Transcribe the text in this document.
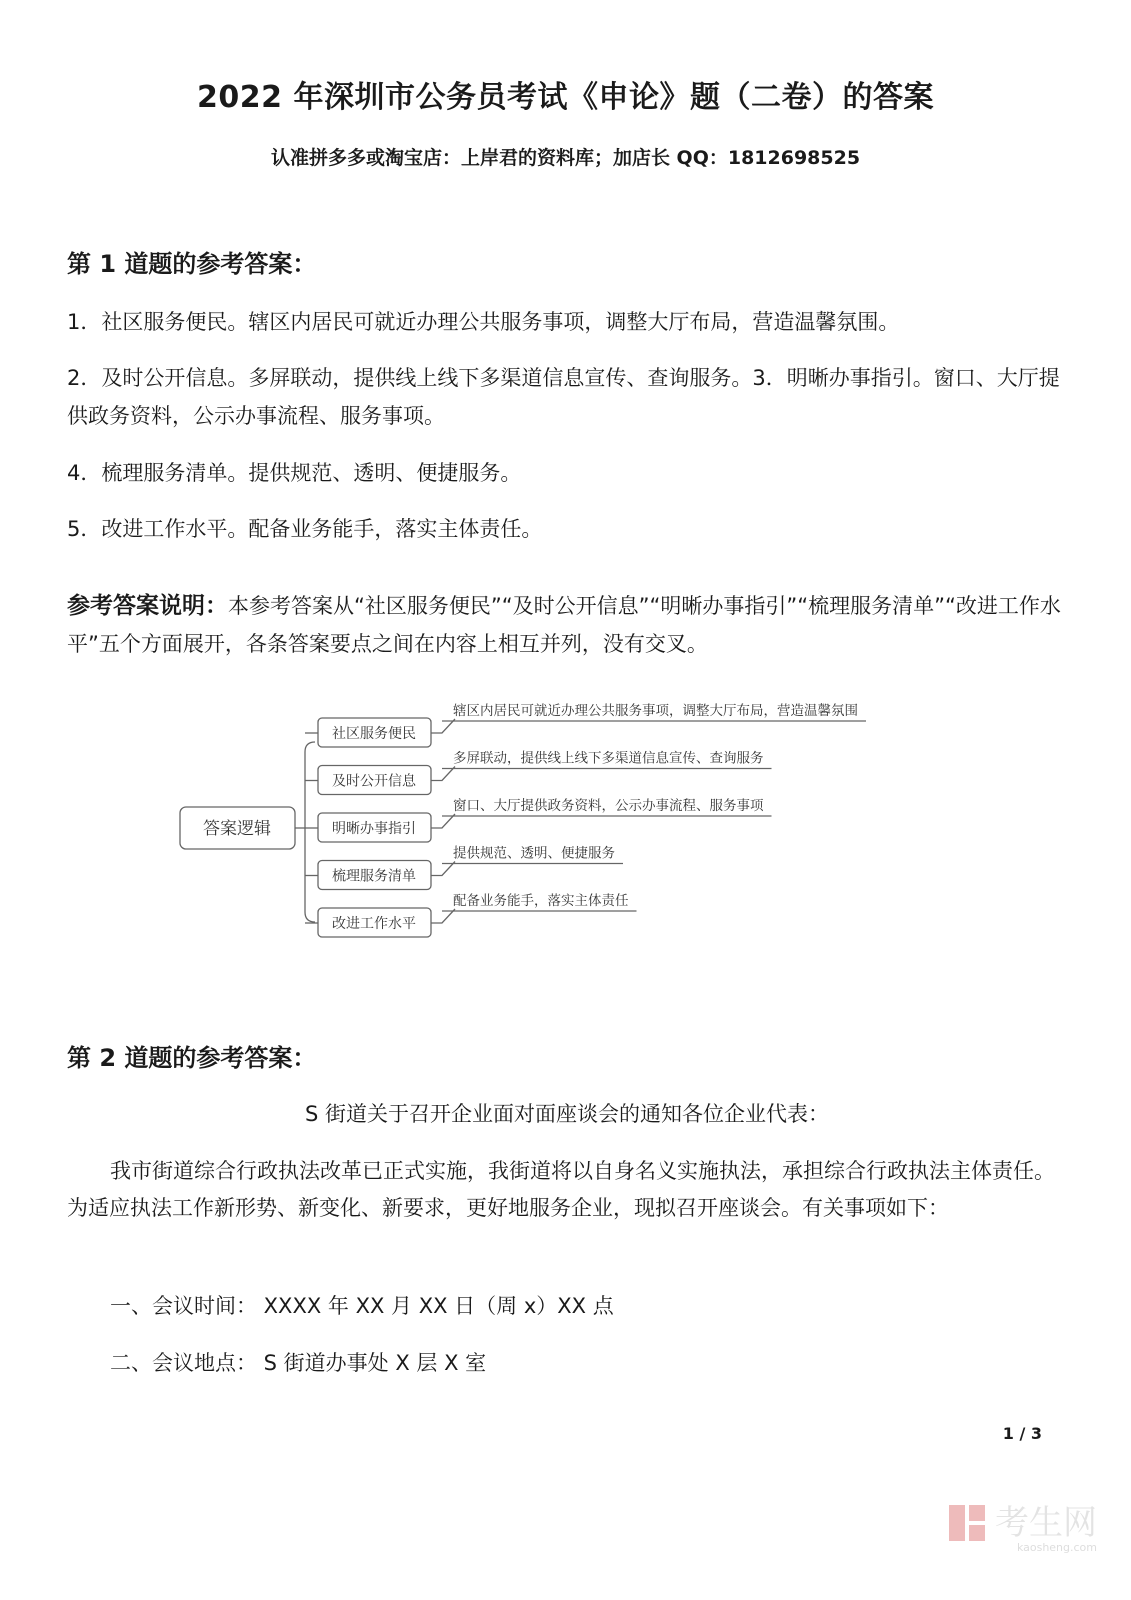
2022 年深圳市公务员考试《申论》题（二卷）的答案
认准拼多多或淘宝店：上岸君的资料库；加店长 QQ：1812698525
第 1 道题的参考答案：
1．社区服务便民。辖区内居民可就近办理公共服务事项，调整大厅布局，营造温馨氛围。
2．及时公开信息。多屏联动，提供线上线下多渠道信息宣传、查询服务。3．明晰办事指引。窗口、大厅提供政务资料，公示办事流程、服务事项。
4．梳理服务清单。提供规范、透明、便捷服务。
5．改进工作水平。配备业务能手，落实主体责任。
参考答案说明：本参考答案从“社区服务便民”“及时公开信息”“明晰办事指引”“梳理服务清单”“改进工作水平”五个方面展开，各条答案要点之间在内容上相互并列，没有交叉。
答案逻辑
社区服务便民
辖区内居民可就近办理公共服务事项，调整大厅布局，营造温馨氛围
及时公开信息
多屏联动，提供线上线下多渠道信息宣传、查询服务
明晰办事指引
窗口、大厅提供政务资料，公示办事流程、服务事项
梳理服务清单
提供规范、透明、便捷服务
改进工作水平
配备业务能手，落实主体责任
第 2 道题的参考答案：
S 街道关于召开企业面对面座谈会的通知各位企业代表：
我市街道综合行政执法改革已正式实施，我街道将以自身名义实施执法，承担综合行政执法主体责任。为适应执法工作新形势、新变化、新要求，更好地服务企业，现拟召开座谈会。有关事项如下：
一、会议时间： XXXX 年 XX 月 XX 日（周 x）XX 点
二、会议地点： S 街道办事处 X 层 X 室
1 / 3
考生网
kaosheng.com
